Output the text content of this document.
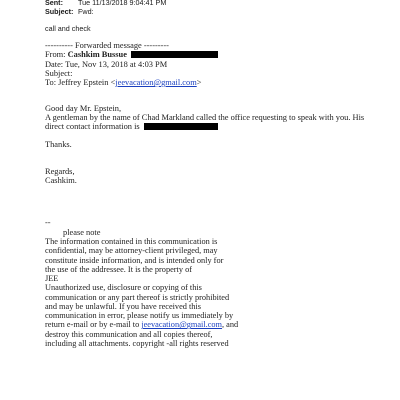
Sent: Tue 11/13/2018 9:04:41 PM
Subject: Fwd:
call and check
---------- Forwarded message ---------
From: Cashkim Bussue
Date: Tue, Nov 13, 2018 at 4:03 PM
Subject:
To: Jeffrey Epstein <jeevacation@gmail.com>
Good day Mr. Epstein,
A gentleman by the name of Chad Markland called the office requesting to speak with you. His
direct contact information is
Thanks.
Regards,
Cashkim.
--
please note
The information contained in this communication is
confidential, may be attorney-client privileged, may
constitute inside information, and is intended only for
the use of the addressee. It is the property of
JEE
Unauthorized use, disclosure or copying of this
communication or any part thereof is strictly prohibited
and may be unlawful. If you have received this
communication in error, please notify us immediately by
return e-mail or by e-mail to jeevacation@gmail.com, and
destroy this communication and all copies thereof,
including all attachments. copyright -all rights reserved
